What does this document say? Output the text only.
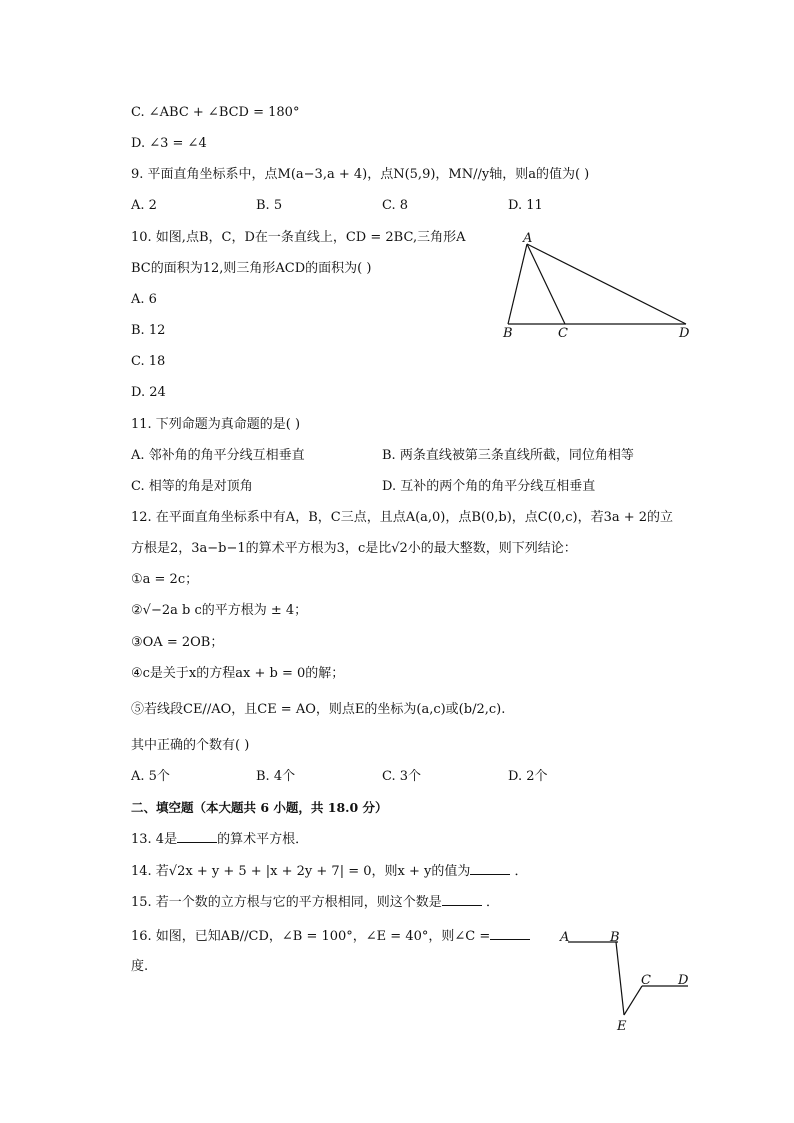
C. ∠ABC + ∠BCD = 180°
D. ∠3 = ∠4
9. 平面直角坐标系中，点M(a−3,a + 4)，点N(5,9)，MN//y轴，则a的值为( )
A. 2	B. 5	C. 8	D. 11
10. 如图,点B，C，D在一条直线上，CD = 2BC,三角形A
BC的面积为12,则三角形ACD的面积为( )
A. 6
B. 12
C. 18
D. 24
A
B	C	D
11. 下列命题为真命题的是( )
A. 邻补角的角平分线互相垂直	B. 两条直线被第三条直线所截，同位角相等
C. 相等的角是对顶角	D. 互补的两个角的角平分线互相垂直
12. 在平面直角坐标系中有A，B，C三点，且点A(a,0)，点B(0,b)，点C(0,c)，若3a + 2的立
方根是2，3a−b−1的算术平方根为3，c是比√2小的最大整数，则下列结论：
①a = 2c；
②√−2a b c的平方根为 ± 4；
③OA = 2OB；
④c是关于x的方程ax + b = 0的解；
⑤若线段CE//AO，且CE = AO，则点E的坐标为(a,c)或(b/2,c).
其中正确的个数有( )
A. 5个	B. 4个	C. 3个	D. 2个
二、填空题（本大题共 6 小题，共 18.0 分）
13. 4是	的算术平方根．
14. 若√2x + y + 5 + |x + 2y + 7| = 0，则x + y的值为	．
15. 若一个数的立方根与它的平方根相同，则这个数是	．
16. 如图，已知AB//CD，∠B = 100°，∠E = 40°，则∠C =
度.
A	B
C D
E
